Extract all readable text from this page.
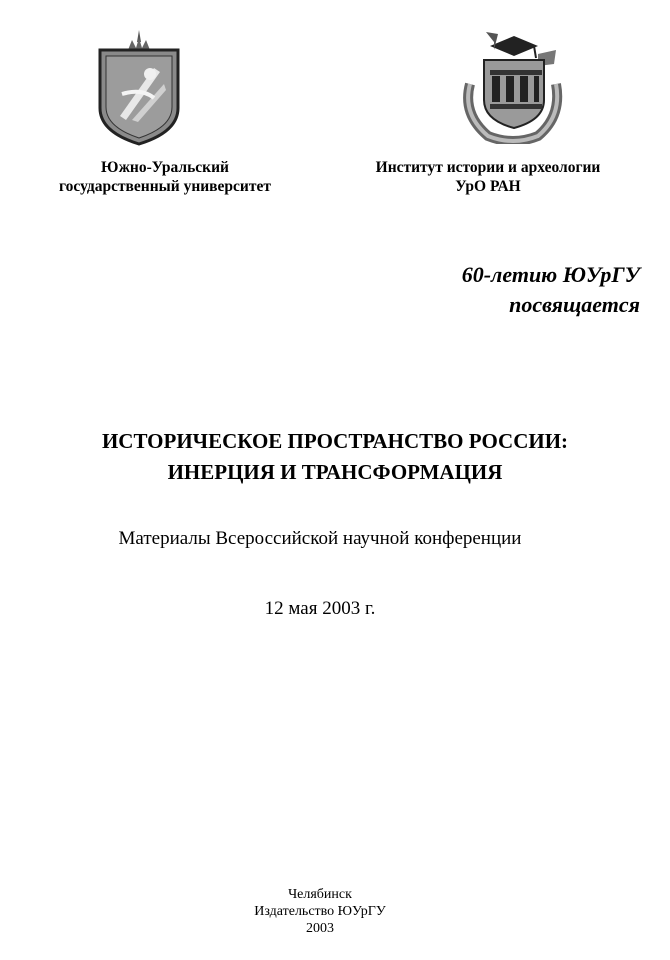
Южно-Уральский
государственный университет
Институт истории и археологии
УрО РАН
60-летию ЮУрГУ
посвящается
ИСТОРИЧЕСКОЕ ПРОСТРАНСТВО РОССИИ:
ИНЕРЦИЯ И ТРАНСФОРМАЦИЯ
Материалы Всероссийской научной конференции
12 мая 2003 г.
Челябинск
Издательство ЮУрГУ
2003
